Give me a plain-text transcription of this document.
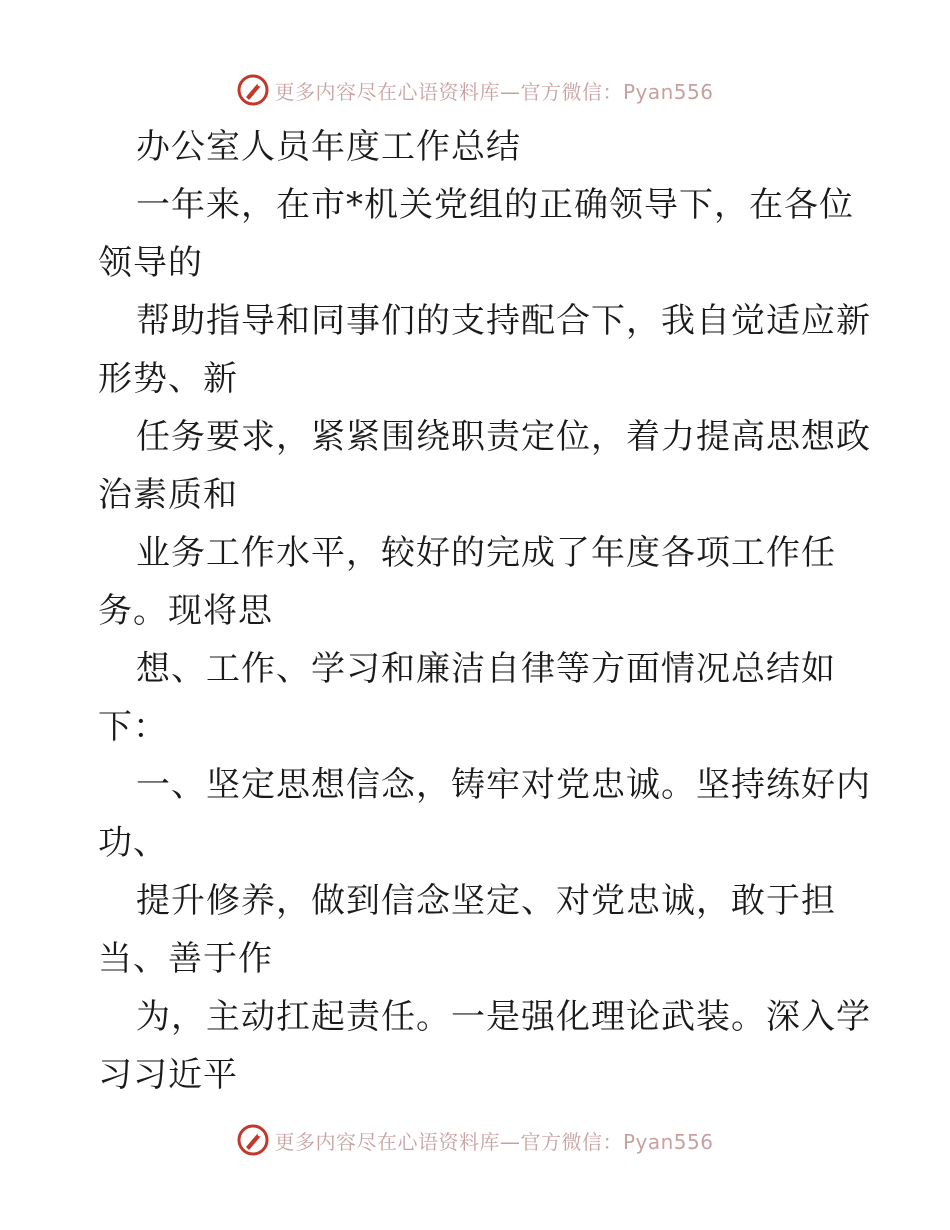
更多内容尽在心语资料库—官方微信：Pyan556
办公室人员年度工作总结
一年来，在市*机关党组的正确领导下，在各位
领导的
帮助指导和同事们的支持配合下，我自觉适应新
形势、新
任务要求，紧紧围绕职责定位，着力提高思想政
治素质和
业务工作水平，较好的完成了年度各项工作任
务。现将思
想、工作、学习和廉洁自律等方面情况总结如
下：
一、坚定思想信念，铸牢对党忠诚。坚持练好内
功、
提升修养，做到信念坚定、对党忠诚，敢于担
当、善于作
为，主动扛起责任。一是强化理论武装。深入学
习习近平
更多内容尽在心语资料库—官方微信：Pyan556
